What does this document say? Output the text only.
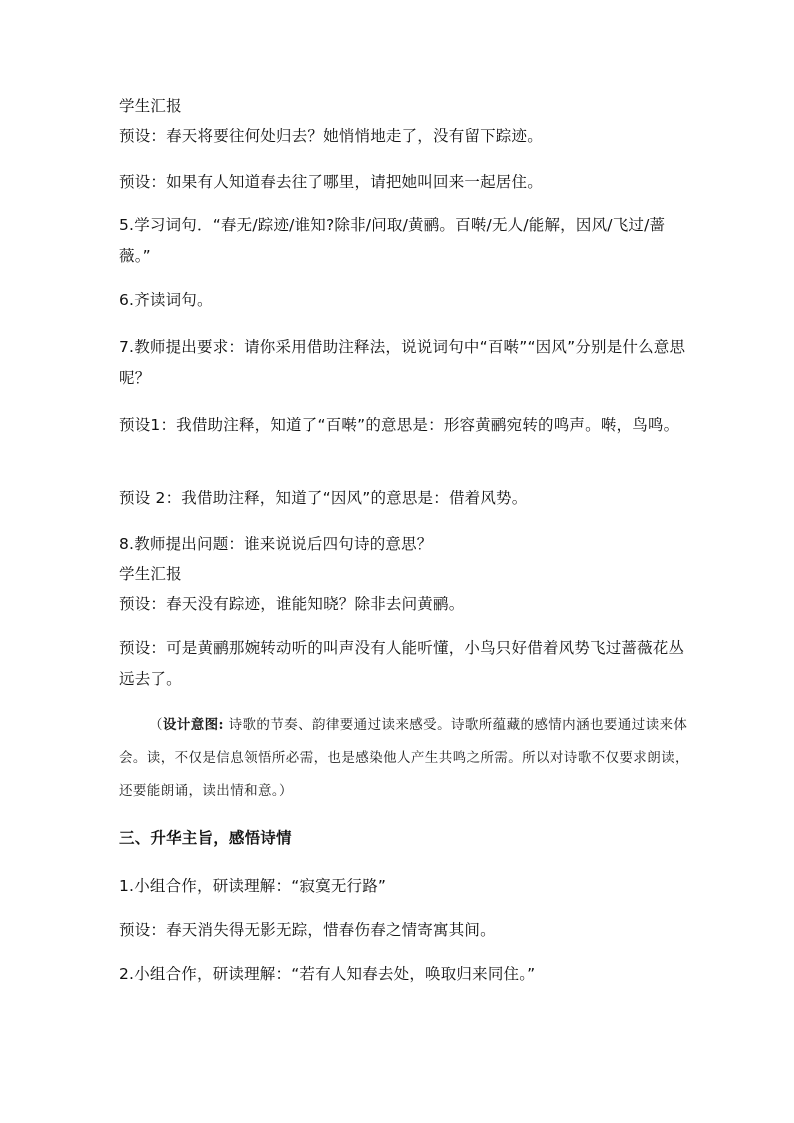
学生汇报
预设：春天将要往何处归去？她悄悄地走了，没有留下踪迹。
预设：如果有人知道春去往了哪里，请把她叫回来一起居住。
5.学习词句．“春无/踪迹/谁知?除非/问取/黄鹂。百啭/无人/能解，因风/飞过/蔷薇。”
6.齐读词句。
7.教师提出要求：请你采用借助注释法，说说词句中“百啭”“因风”分别是什么意思呢？
预设1：我借助注释，知道了“百啭”的意思是：形容黄鹂宛转的鸣声。啭，鸟鸣。
预设 2：我借助注释，知道了“因风”的意思是：借着风势。
8.教师提出问题：谁来说说后四句诗的意思？
学生汇报
预设：春天没有踪迹，谁能知晓？除非去问黄鹂。
预设：可是黄鹂那婉转动听的叫声没有人能听懂，小鸟只好借着风势飞过蔷薇花丛远去了。
（设计意图: 诗歌的节奏、韵律要通过读来感受。诗歌所蕴藏的感情内涵也要通过读来体会。读，不仅是信息领悟所必需，也是感染他人产生共鸣之所需。所以对诗歌不仅要求朗读，还要能朗诵，读出情和意。）
三、升华主旨，感悟诗情
1.小组合作，研读理解：“寂寞无行路”
预设：春天消失得无影无踪，惜春伤春之情寄寓其间。
2.小组合作，研读理解：“若有人知春去处，唤取归来同住。”
